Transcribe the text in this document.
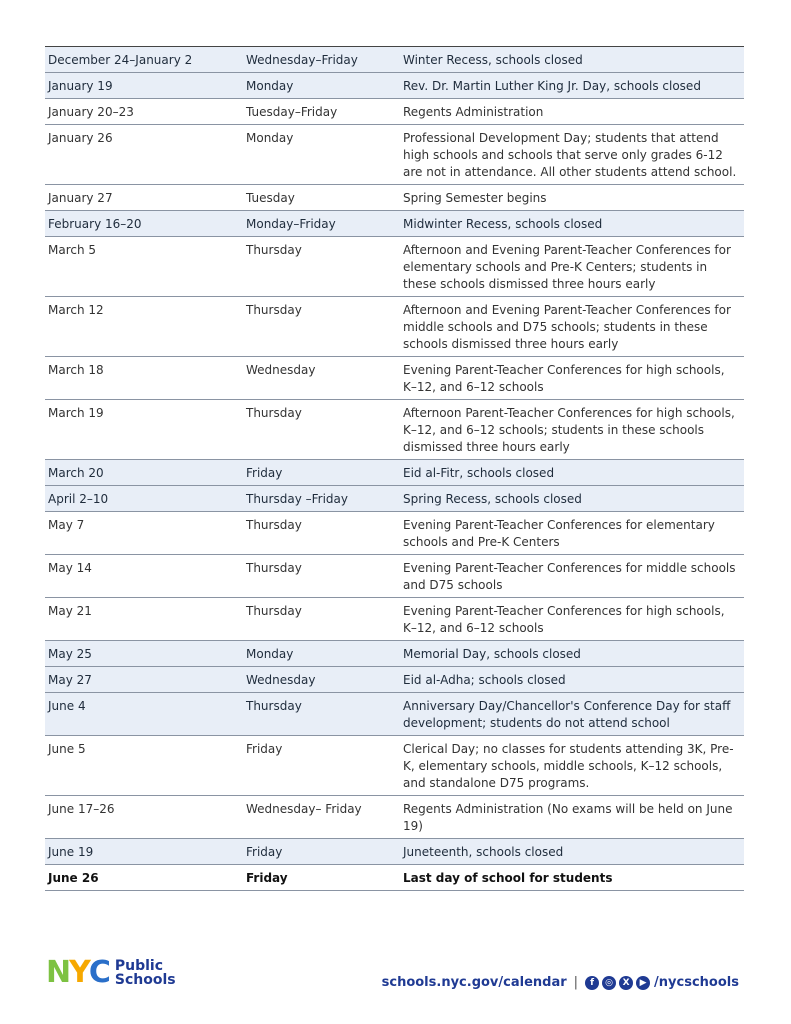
December 24–January 2	Wednesday–Friday	Winter Recess, schools closed
January 19	Monday	Rev. Dr. Martin Luther King Jr. Day, schools closed
January 20–23	Tuesday–Friday	Regents Administration
January 26	Monday	Professional Development Day; students that attend high schools and schools that serve only grades 6-12 are not in attendance. All other students attend school.
January 27	Tuesday	Spring Semester begins
February 16–20	Monday–Friday	Midwinter Recess, schools closed
March 5	Thursday	Afternoon and Evening Parent-Teacher Conferences for elementary schools and Pre-K Centers; students in these schools dismissed three hours early
March 12	Thursday	Afternoon and Evening Parent-Teacher Conferences for middle schools and D75 schools; students in these schools dismissed three hours early
March 18	Wednesday	Evening Parent-Teacher Conferences for high schools, K–12, and 6–12 schools
March 19	Thursday	Afternoon Parent-Teacher Conferences for high schools, K–12, and 6–12 schools; students in these schools dismissed three hours early
March 20	Friday	Eid al-Fitr, schools closed
April 2–10	Thursday –Friday	Spring Recess, schools closed
May 7	Thursday	Evening Parent-Teacher Conferences for elementary schools and Pre-K Centers
May 14	Thursday	Evening Parent-Teacher Conferences for middle schools and D75 schools
May 21	Thursday	Evening Parent-Teacher Conferences for high schools, K–12, and 6–12 schools
May 25	Monday	Memorial Day, schools closed
May 27	Wednesday	Eid al-Adha; schools closed
June 4	Thursday	Anniversary Day/Chancellor's Conference Day for staff development; students do not attend school
June 5	Friday	Clerical Day; no classes for students attending 3K, Pre-K, elementary schools, middle schools, K–12 schools, and standalone D75 programs.
June 17–26	Wednesday– Friday	Regents Administration (No exams will be held on June 19)
June 19	Friday	Juneteenth, schools closed
June 26	Friday	Last day of school for students
N Y C Public
Schools	schools.nyc.gov/calendar |	f	◎	X	▶ /nycschools
